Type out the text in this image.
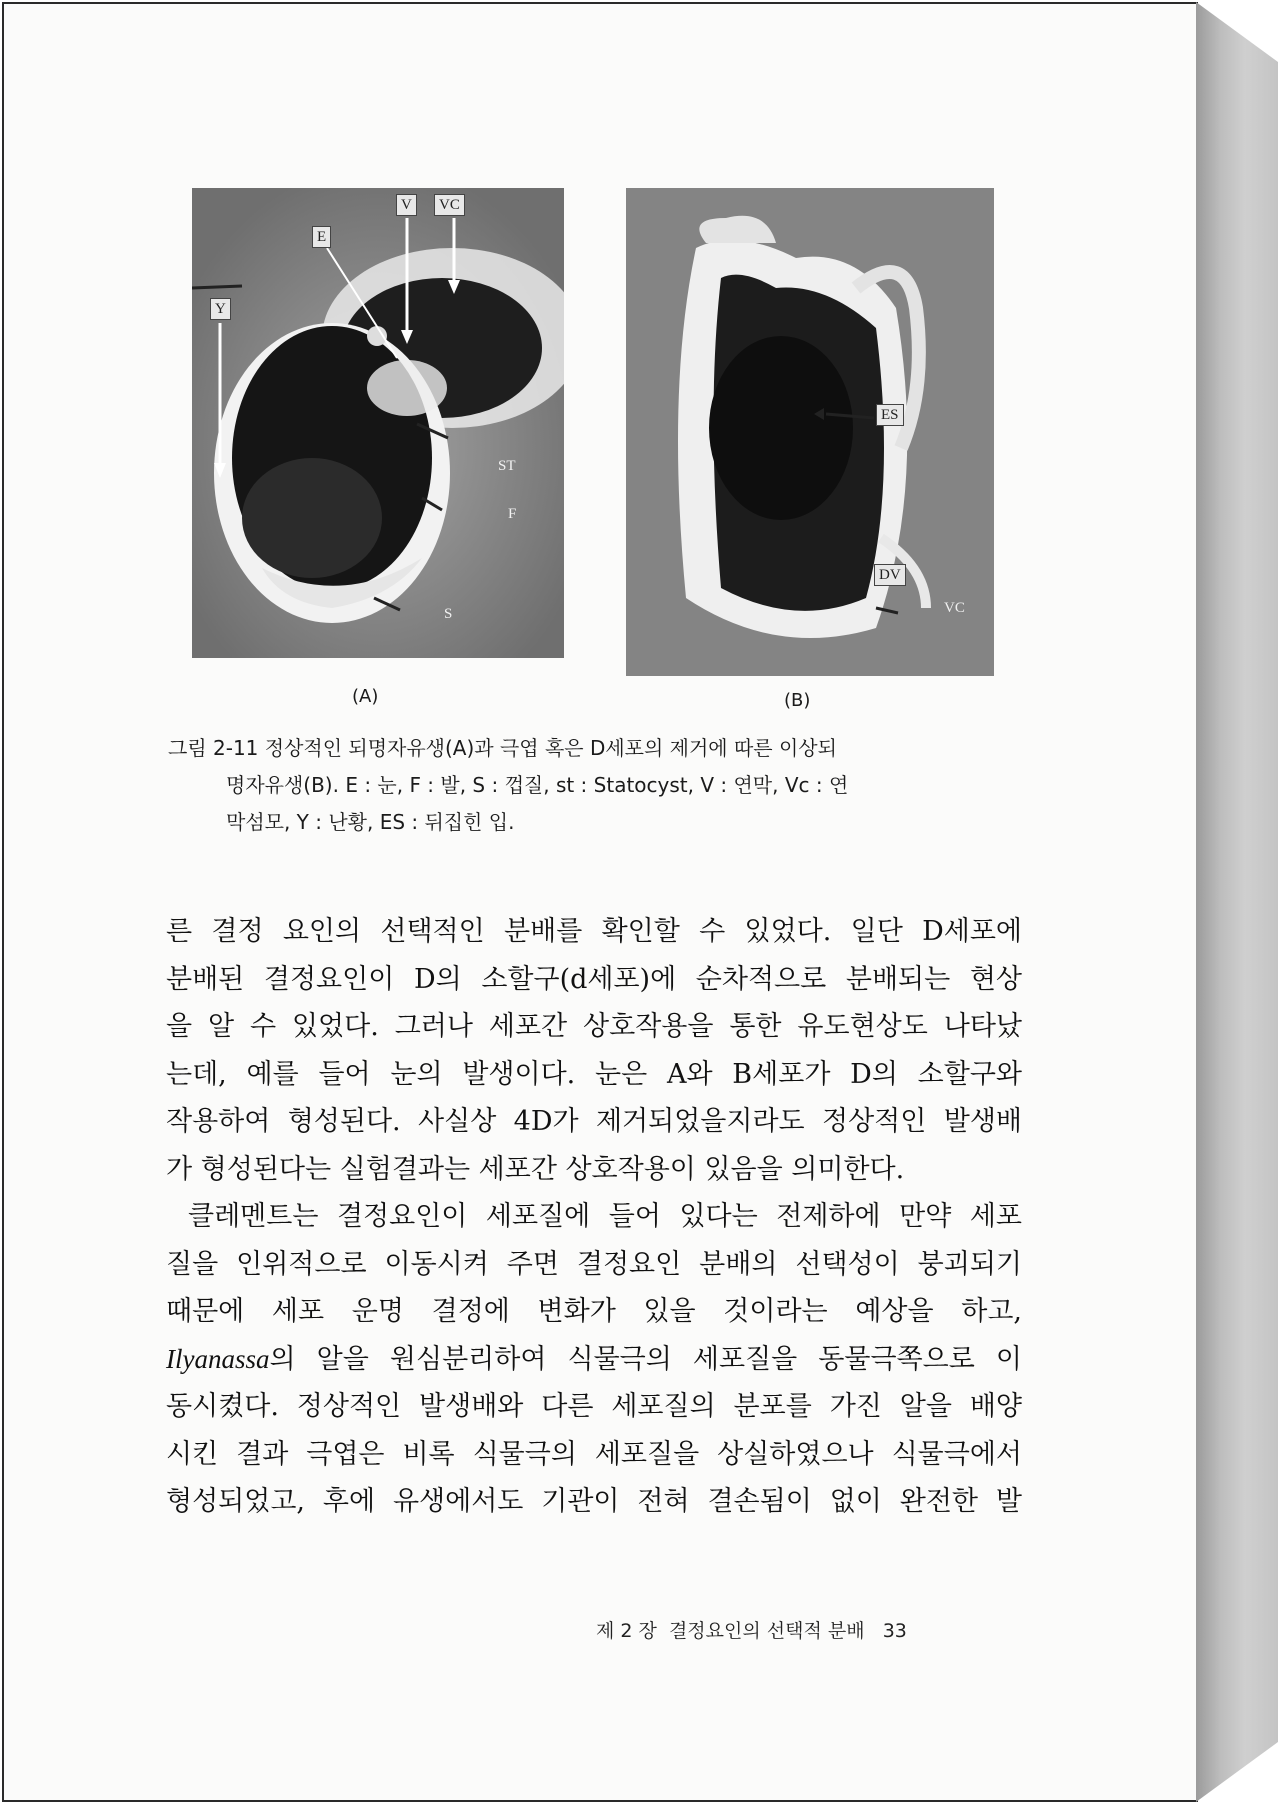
V	VC
E
Y
ST
F
S
(A)
ES
DV
VC
(B)
그림 2-11 정상적인 되명자유생(A)과 극엽 혹은 D세포의 제거에 따른 이상되
명자유생(B). E : 눈, F : 발, S : 껍질, st : Statocyst, V : 연막, Vc : 연
막섬모, Y : 난황, ES : 뒤집힌 입.

른 결정 요인의 선택적인 분배를 확인할 수 있었다. 일단 D세포에

분배된 결정요인이 D의 소할구(d세포)에 순차적으로 분배되는 현상

을 알 수 있었다. 그러나 세포간 상호작용을 통한 유도현상도 나타났

는데, 예를 들어 눈의 발생이다. 눈은 A와 B세포가 D의 소할구와

작용하여 형성된다. 사실상 4D가 제거되었을지라도 정상적인 발생배

가 형성된다는 실험결과는 세포간 상호작용이 있음을 의미한다.

클레멘트는 결정요인이 세포질에 들어 있다는 전제하에 만약 세포

질을 인위적으로 이동시켜 주면 결정요인 분배의 선택성이 붕괴되기

때문에 세포 운명 결정에 변화가 있을 것이라는 예상을 하고,

Ilyanassa의 알을 원심분리하여 식물극의 세포질을 동물극쪽으로 이

동시켰다. 정상적인 발생배와 다른 세포질의 분포를 가진 알을 배양

시킨 결과 극엽은 비록 식물극의 세포질을 상실하였으나 식물극에서

형성되었고, 후에 유생에서도 기관이 전혀 결손됨이 없이 완전한 발

제 2 장  결정요인의 선택적 분배 33
